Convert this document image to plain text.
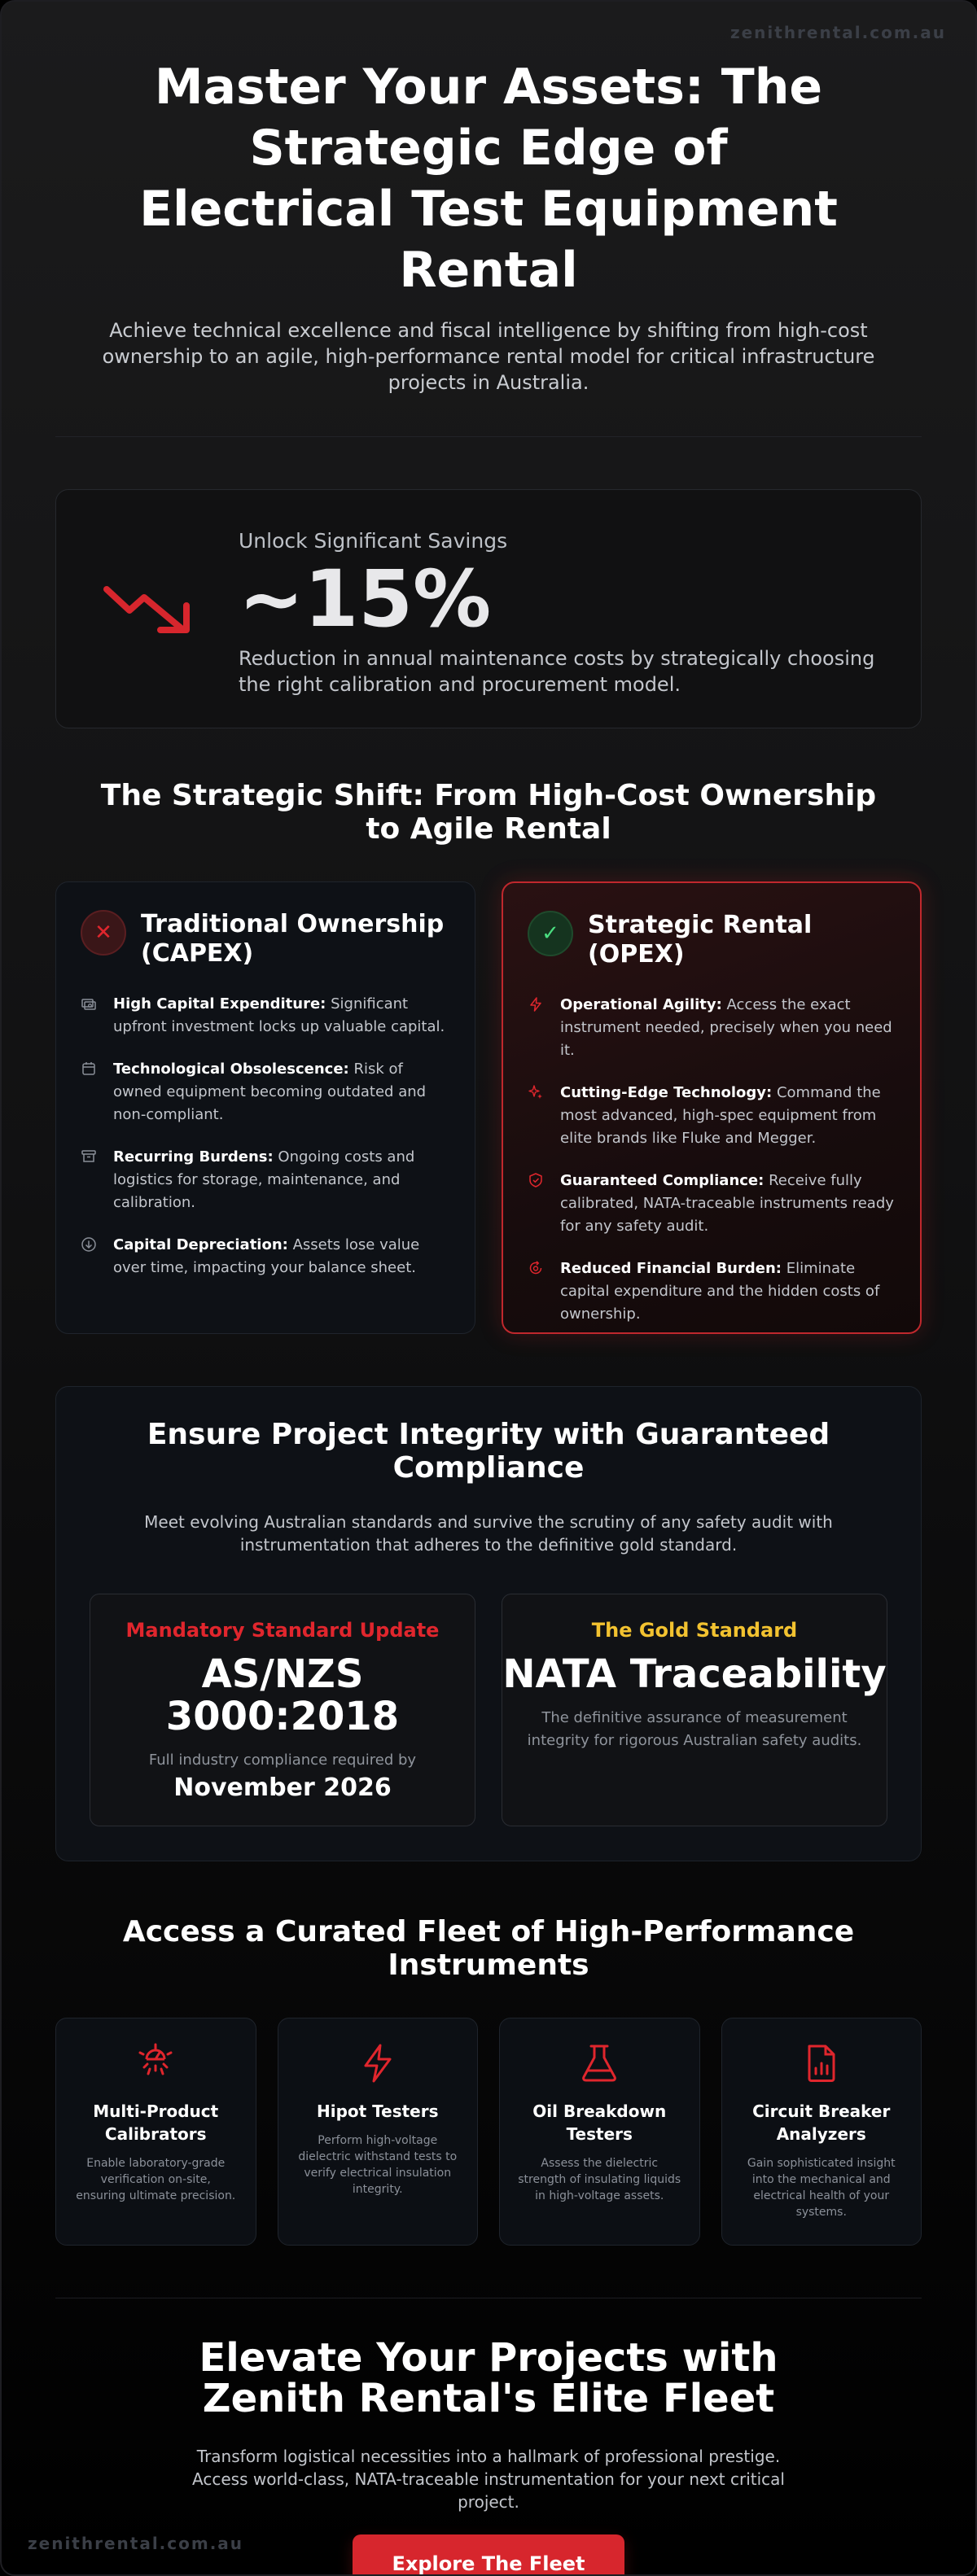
zenithrental.com.au
Master Your Assets: The Strategic Edge of Electrical Test Equipment Rental

Achieve technical excellence and fiscal intelligence by shifting from high-cost ownership to an agile, high-performance rental model for critical infrastructure projects in Australia.

Unlock Significant Savings
~15%
Reduction in annual maintenance costs by strategically choosing the right calibration and procurement model.
The Strategic Shift: From High-Cost Ownership to Agile Rental
✕	Traditional Ownership (CAPEX)
High Capital Expenditure: Significant upfront investment locks up valuable capital.
Technological Obsolescence: Risk of owned equipment becoming outdated and non-compliant.
Recurring Burdens: Ongoing costs and logistics for storage, maintenance, and calibration.
Capital Depreciation: Assets lose value over time, impacting your balance sheet.
✓	Strategic Rental (OPEX)
Operational Agility: Access the exact instrument needed, precisely when you need it.
Cutting-Edge Technology: Command the most advanced, high-spec equipment from elite brands like Fluke and Megger.
Guaranteed Compliance: Receive fully calibrated, NATA-traceable instruments ready for any safety audit.
Reduced Financial Burden: Eliminate capital expenditure and the hidden costs of ownership.
Ensure Project Integrity with Guaranteed Compliance
Meet evolving Australian standards and survive the scrutiny of any safety audit with instrumentation that adheres to the definitive gold standard.
Mandatory Standard Update
AS/NZS 3000:2018
Full industry compliance required by
November 2026
The Gold Standard
NATA Traceability
The definitive assurance of measurement integrity for rigorous Australian safety audits.
Access a Curated Fleet of High-Performance Instruments
Multi-Product Calibrators
Enable laboratory-grade verification on-site, ensuring ultimate precision.
Hipot Testers
Perform high-voltage dielectric withstand tests to verify electrical insulation integrity.
Oil Breakdown Testers
Assess the dielectric strength of insulating liquids in high-voltage assets.
Circuit Breaker Analyzers
Gain sophisticated insight into the mechanical and electrical health of your systems.
Elevate Your Projects with Zenith Rental's Elite Fleet
Transform logistical necessities into a hallmark of professional prestige. Access world-class, NATA-traceable instrumentation for your next critical project.
Explore The Fleet
zenithrental.com.au
